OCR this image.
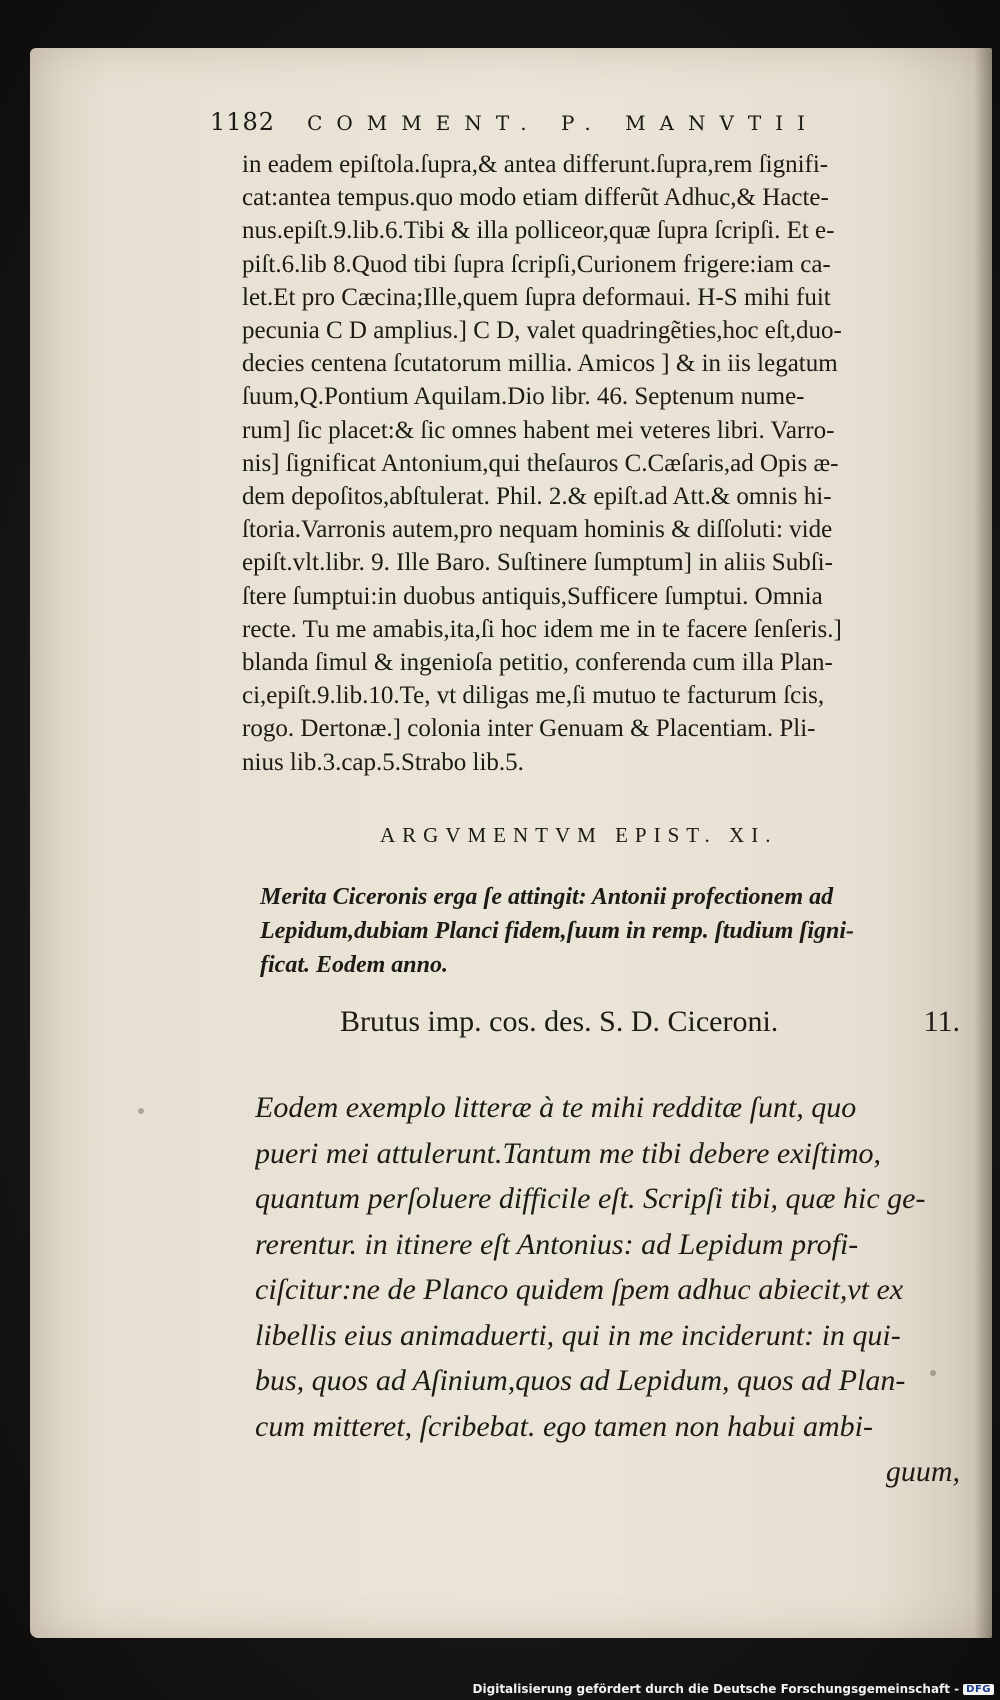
1182 COMMENT. P. MANVTII
in eadem epiſtola.ſupra,& antea differunt.ſupra,rem ſignifi-
cat:antea tempus.quo modo etiam differũt Adhuc,& Hacte-
nus.epiſt.9.lib.6.Tibi & illa polliceor,quæ ſupra ſcripſi. Et e-
piſt.6.lib 8.Quod tibi ſupra ſcripſi,Curionem frigere:iam ca-
let.Et pro Cæcina;Ille,quem ſupra deformaui. H-S mihi fuit
pecunia C D amplius.] C D, valet quadringẽties,hoc eſt,duo-
decies centena ſcutatorum millia. Amicos ] & in iis legatum
ſuum,Q.Pontium Aquilam.Dio libr. 46. Septenum nume-
rum] ſic placet:& ſic omnes habent mei veteres libri. Varro-
nis] ſignificat Antonium,qui theſauros C.Cæſaris,ad Opis æ-
dem depoſitos,abſtulerat. Phil. 2.& epiſt.ad Att.& omnis hi-
ſtoria.Varronis autem,pro nequam hominis & diſſoluti: vide
epiſt.vlt.libr. 9. Ille Baro. Suſtinere ſumptum] in aliis Subſi-
ſtere ſumptui:in duobus antiquis,Sufficere ſumptui. Omnia
recte. Tu me amabis,ita,ſi hoc idem me in te facere ſenſeris.]
blanda ſimul & ingenioſa petitio, conferenda cum illa Plan-
ci,epiſt.9.lib.10.Te, vt diligas me,ſi mutuo te facturum ſcis,
rogo. Dertonæ.] colonia inter Genuam & Placentiam. Pli-
nius lib.3.cap.5.Strabo lib.5.
ARGVMENTVM EPIST. XI.
Merita Ciceronis erga ſe attingit: Antonii profectionem ad
Lepidum,dubiam Planci fidem,ſuum in remp. ſtudium ſigni-
ficat. Eodem anno.
Brutus imp. cos. des. S. D. Ciceroni.	11.
Eodem exemplo litteræ à te mihi redditæ ſunt, quo
pueri mei attulerunt.Tantum me tibi debere exiſtimo,
quantum perſoluere difficile eſt. Scripſi tibi, quæ hic ge-
rerentur. in itinere eſt Antonius: ad Lepidum profi-
ciſcitur:ne de Planco quidem ſpem adhuc abiecit,vt ex
libellis eius animaduerti, qui in me inciderunt: in qui-
bus, quos ad Aſinium,quos ad Lepidum, quos ad Plan-
cum mitteret, ſcribebat. ego tamen non habui ambi-
guum,
Digitalisierung gefördert durch die Deutsche Forschungsgemeinschaft - DFG
